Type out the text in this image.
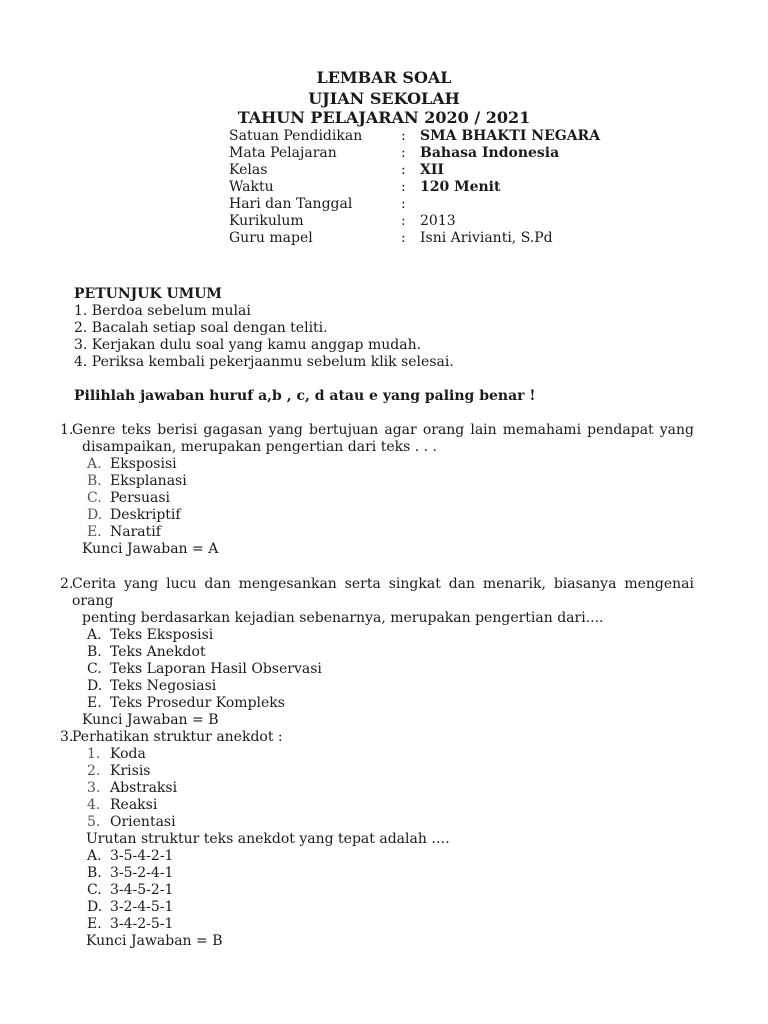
LEMBAR SOAL
UJIAN SEKOLAH
TAHUN PELAJARAN 2020 / 2021
Satuan Pendidikan	: SMA BHAKTI NEGARA
Mata Pelajaran	: Bahasa Indonesia
Kelas	: XII
Waktu	: 120 Menit
Hari dan Tanggal	:
Kurikulum	: 2013
Guru mapel	: Isni Arivianti, S.Pd
PETUNJUK UMUM
1. Berdoa sebelum mulai
2. Bacalah setiap soal dengan teliti.
3. Kerjakan dulu soal yang kamu anggap mudah.
4. Periksa kembali pekerjaanmu sebelum klik selesai.
Pilihlah jawaban huruf a,b , c, d atau e yang paling benar !
1.
Genre teks berisi gagasan yang bertujuan agar orang lain memahami pendapat yang
disampaikan, merupakan pengertian dari teks . . .
A. Eksposisi
B. Eksplanasi
C. Persuasi
D. Deskriptif
E. Naratif
Kunci Jawaban = A
2.
Cerita yang lucu dan mengesankan serta singkat dan menarik, biasanya mengenai orang
penting berdasarkan kejadian sebenarnya, merupakan pengertian dari....
A. Teks Eksposisi
B. Teks Anekdot
C. Teks Laporan Hasil Observasi
D. Teks Negosiasi
E. Teks Prosedur Kompleks
Kunci Jawaban = B
3.
Perhatikan struktur anekdot :
1. Koda
2. Krisis
3. Abstraksi
4. Reaksi
5. Orientasi
Urutan struktur teks anekdot yang tepat adalah ….
A. 3-5-4-2-1
B. 3-5-2-4-1
C. 3-4-5-2-1
D. 3-2-4-5-1
E. 3-4-2-5-1
Kunci Jawaban = B
